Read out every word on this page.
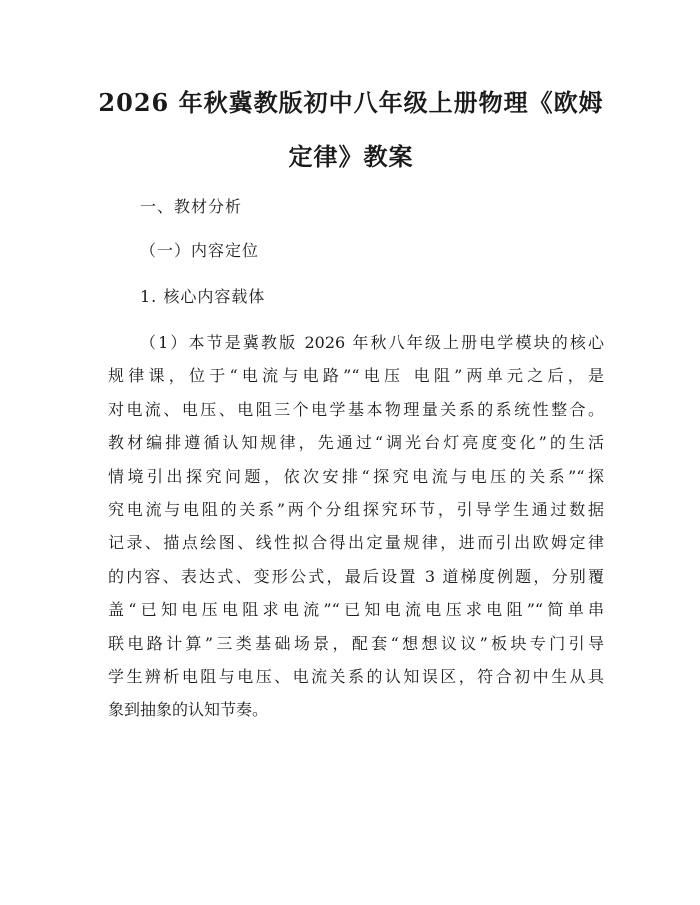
2026 年秋冀教版初中八年级上册物理《欧姆
定律》教案
一、教材分析
（一）内容定位
1. 核心内容载体
（1）本节是冀教版 2026 年秋八年级上册电学模块的核心
规律课，位于“电流与电路”“电压 电阻”两单元之后，是
对电流、电压、电阻三个电学基本物理量关系的系统性整合。
教材编排遵循认知规律，先通过“调光台灯亮度变化”的生活
情境引出探究问题，依次安排“探究电流与电压的关系”“探
究电流与电阻的关系”两个分组探究环节，引导学生通过数据
记录、描点绘图、线性拟合得出定量规律，进而引出欧姆定律
的内容、表达式、变形公式，最后设置 3 道梯度例题，分别覆
盖“已知电压电阻求电流”“已知电流电压求电阻”“简单串
联电路计算”三类基础场景，配套“想想议议”板块专门引导
学生辨析电阻与电压、电流关系的认知误区，符合初中生从具
象到抽象的认知节奏。
